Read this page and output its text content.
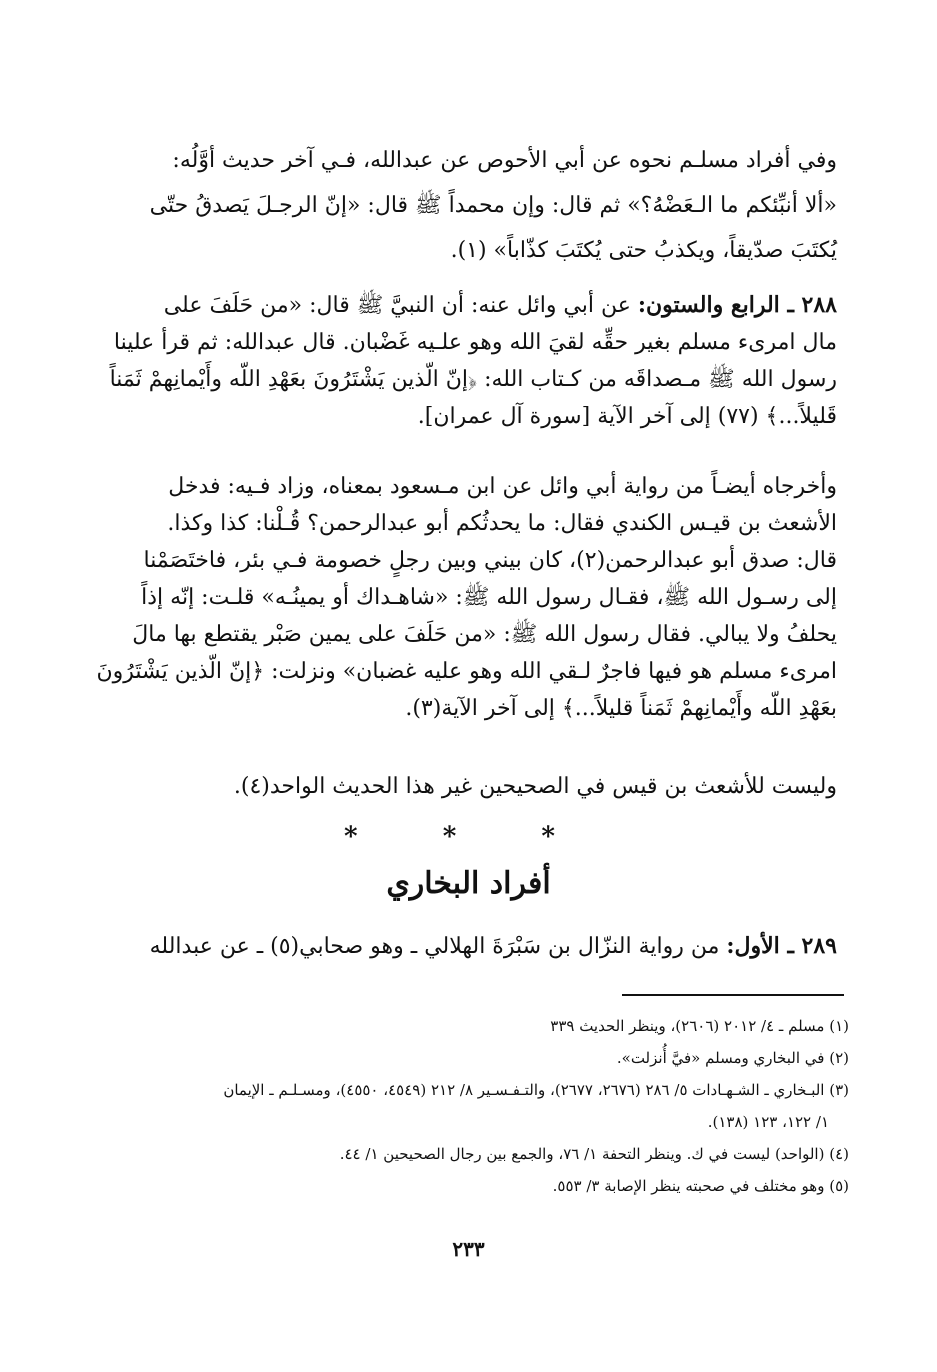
وفي أفراد مسلـم نحوه عن أبي الأحوص عن عبدالله، فـي آخر حديث أوَّلُه:
«ألا أنبِّئكم ما الـعَضْهُ؟» ثم قال: وإن محمداً ﷺ قال: «إنّ الرجـلَ يَصدقُ حتّى
يُكتَبَ صدّيقاً، ويكذبُ حتى يُكتَبَ كذّاباً» (١).
٢٨٨ ـ الرابع والستون: عن أبي وائل عنه: أن النبيَّ ﷺ قال: «من حَلَفَ على
مال امرىء مسلم بغير حقِّه لقيَ الله وهو علـيه غَضْبان. قال عبدالله: ثم قرأ علينا
رسول الله ﷺ مـصداقَه من كـتاب الله: ﴿إنّ الّذين يَشْتَرُونَ بعَهْدِ اللّه وأَيْمانِهمْ ثَمَناً
قَليلاً...﴾ (٧٧) إلى آخر الآية [سورة آل عمران].
وأخرجاه أيضـاً من رواية أبي وائل عن ابن مـسعود بمعناه، وزاد فـيه: فدخل
الأشعث بن قيـس الكندي فقال: ما يحدثُكم أبو عبدالرحمن؟ قُـلْنا: كذا وكذا.
قال: صدق أبو عبدالرحمن(٢)، كان بيني وبين رجلٍ خصومة فـي بئر، فاختَصَمْنا
إلى رسـول الله ﷺ، فقـال رسول الله ﷺ: «شاهـداك أو يمينُـه» قلـت: إنّه إذاً
يحلفُ ولا يبالي. فقال رسول الله ﷺ: «من حَلَفَ على يمين صَبْر يقتطع بها مالَ
امرىء مسلم هو فيها فاجرٌ لـقي الله وهو عليه غضبان» ونزلت: ﴿إنّ الّذين يَشْتَرُونَ
بعَهْدِ اللّه وأَيْمانِهمْ ثَمَناً قليلاً...﴾ إلى آخر الآية(٣).
وليست للأشعث بن قيس في الصحيحين غير هذا الحديث الواحد(٤).
* * *
أفراد البخاري
٢٨٩ ـ الأول: من رواية النزّال بن سَبْرَةَ الهلالي ـ وهو صحابي(٥) ـ عن عبدالله
(١) مسلم ـ ٤/ ٢٠١٢ (٢٦٠٦)، وينظر الحديث ٣٣٩
(٢) في البخاري ومسلم «فيَّ أُنزلت».
(٣) البـخاري ـ الشـهـادات ٥/ ٢٨٦ (٢٦٧٦، ٢٦٧٧)، والتـفـسـير ٨/ ٢١٢ (٤٥٤٩، ٤٥٥٠)، ومسـلـم ـ الإيمان
١/ ١٢٢، ١٢٣ (١٣٨).
(٤) (الواحد) ليست في ك. وينظر التحفة ١/ ٧٦، والجمع بين رجال الصحيحين ١/ ٤٤.
(٥) وهو مختلف في صحبته ينظر الإصابة ٣/ ٥٥٣.
٢٣٣
